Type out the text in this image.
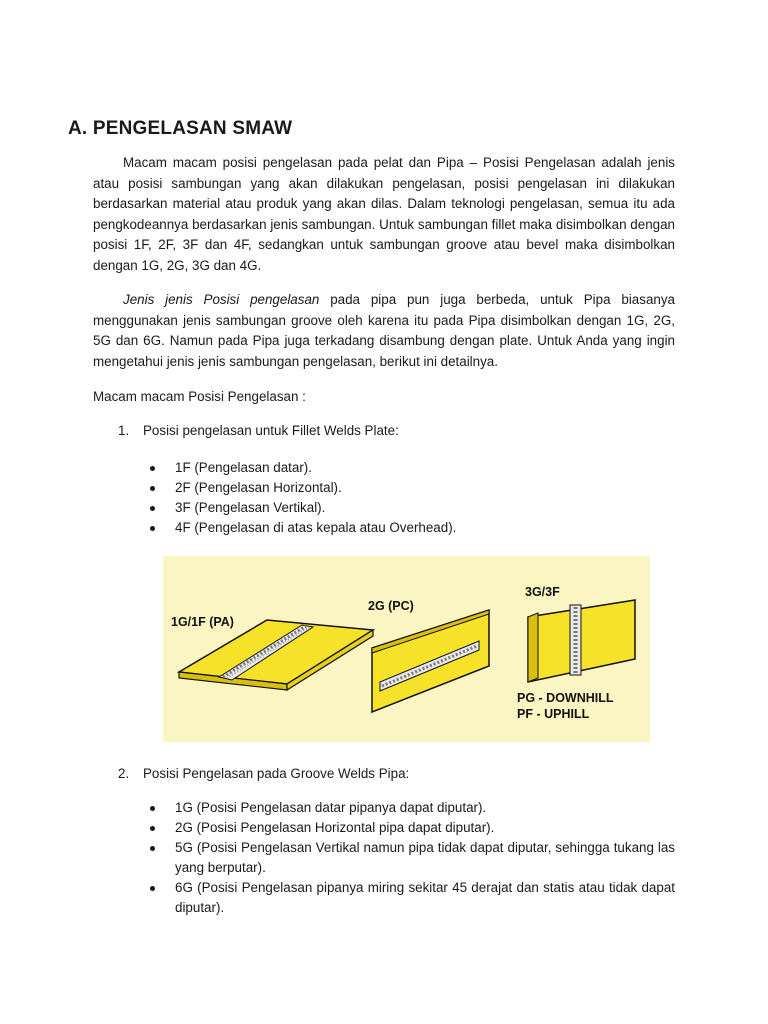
A. PENGELASAN SMAW

Macam macam posisi pengelasan pada pelat dan Pipa – Posisi Pengelasan adalah jenis atau posisi sambungan yang akan dilakukan pengelasan, posisi pengelasan ini dilakukan berdasarkan material atau produk yang akan dilas. Dalam teknologi pengelasan, semua itu ada pengkodeannya berdasarkan jenis sambungan. Untuk sambungan fillet maka disimbolkan dengan posisi 1F, 2F, 3F dan 4F, sedangkan untuk sambungan groove atau bevel maka disimbolkan dengan 1G, 2G, 3G dan 4G.

Jenis jenis Posisi pengelasan pada pipa pun juga berbeda, untuk Pipa biasanya menggunakan jenis sambungan groove oleh karena itu pada Pipa disimbolkan dengan 1G, 2G, 5G dan 6G. Namun pada Pipa juga terkadang disambung dengan plate. Untuk Anda yang ingin mengetahui jenis jenis sambungan pengelasan, berikut ini detailnya.

Macam macam Posisi Pengelasan :

1. Posisi pengelasan untuk Fillet Welds Plate:

1F (Pengelasan datar).
2F (Pengelasan Horizontal).
3F (Pengelasan Vertikal).
4F (Pengelasan di atas kepala atau Overhead).
1G/1F (PA)
2G (PC)
3G/3F
PG - DOWNHILL
PF - UPHILL

2. Posisi Pengelasan pada Groove Welds Pipa:

1G (Posisi Pengelasan datar pipanya dapat diputar).
2G (Posisi Pengelasan Horizontal pipa dapat diputar).
5G (Posisi Pengelasan Vertikal namun pipa tidak dapat diputar, sehingga tukang las yang berputar).
6G (Posisi Pengelasan pipanya miring sekitar 45 derajat dan statis atau tidak dapat diputar).
